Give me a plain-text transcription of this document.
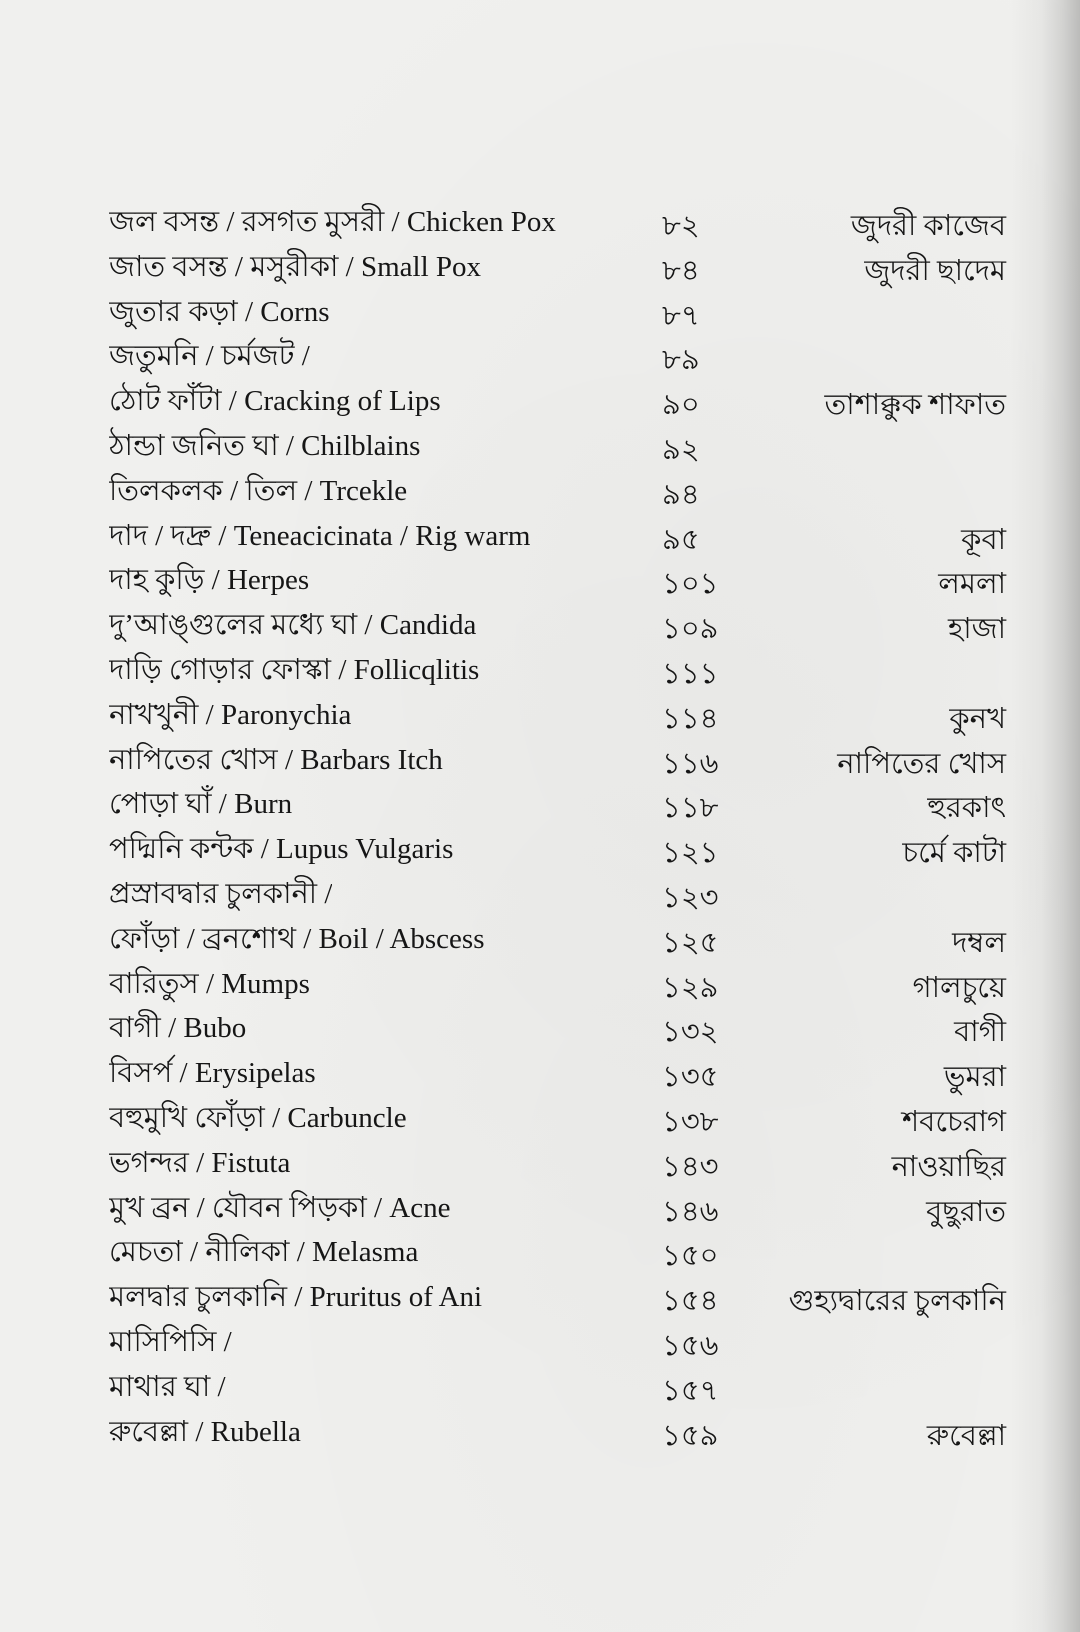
জল বসন্ত / রসগত মুসরী / Chicken Pox	৮২	জুদরী কাজেব
জাত বসন্ত / মসুরীকা / Small Pox	৮৪	জুদরী ছাদেম
জুতার কড়া / Corns	৮৭
জতুমনি / চর্মজট /	৮৯
ঠোট ফাঁটা / Cracking of Lips	৯০	তাশাক্কুক শাফাত
ঠান্ডা জনিত ঘা / Chilblains	৯২
তিলকলক / তিল / Trcekle	৯৪
দাদ / দদ্রু / Teneacicinata / Rig warm	৯৫	কূবা
দাহ কুড়ি / Herpes	১০১	লমলা
দু’আঙ্গুলের মধ্যে ঘা / Candida	১০৯	হাজা
দাড়ি গোড়ার ফোস্কা / Follicqlitis	১১১
নাখখুনী / Paronychia	১১৪	কুনখ
নাপিতের খোস / Barbars Itch	১১৬	নাপিতের খোস
পোড়া ঘাঁ / Burn	১১৮	হুরকাৎ
পদ্মিনি কন্টক / Lupus Vulgaris	১২১	চর্মে কাটা
প্রস্রাবদ্বার চুলকানী /	১২৩
ফোঁড়া / ব্রনশোথ / Boil / Abscess	১২৫	দম্বল
বারিতুস / Mumps	১২৯	গালচুয়ে
বাগী / Bubo	১৩২	বাগী
বিসর্প / Erysipelas	১৩৫	ভুমরা
বহুমুখি ফোঁড়া / Carbuncle	১৩৮	শবচেরাগ
ভগন্দর / Fistuta	১৪৩	নাওয়াছির
মুখ ব্রন / যৌবন পিড়কা / Acne	১৪৬	বুছুরাত
মেচতা / নীলিকা / Melasma	১৫০
মলদ্বার চুলকানি / Pruritus of Ani	১৫৪ গুহ্যদ্বারের চুলকানি
মাসিপিসি /	১৫৬
মাথার ঘা /	১৫৭
রুবেল্লা / Rubella	১৫৯	রুবেল্লা
